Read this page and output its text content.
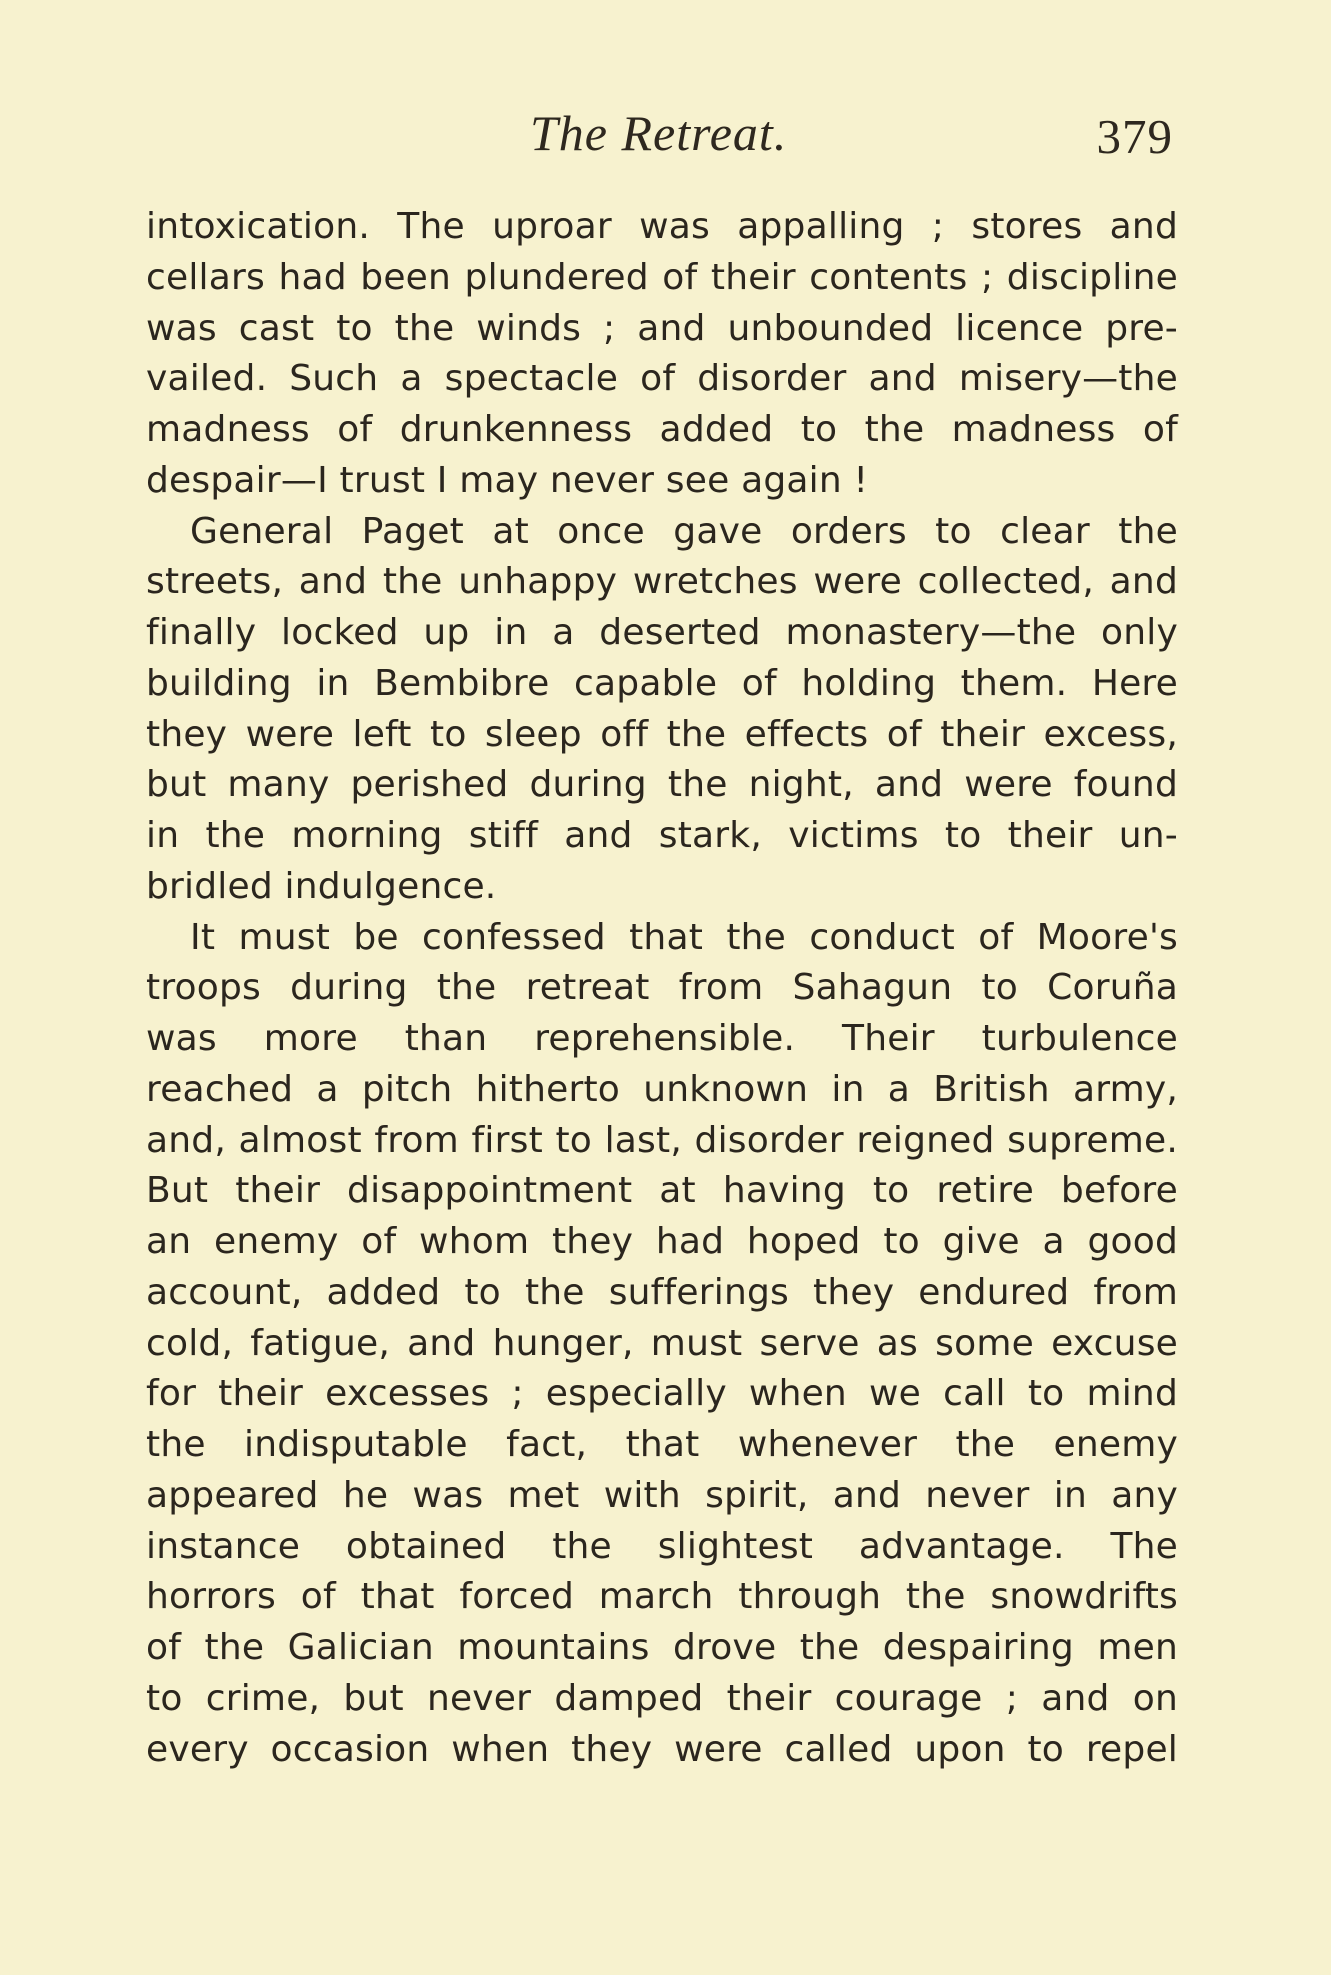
The Retreat.	379
intoxication. The uproar was appalling ; stores and
cellars had been plundered of their contents ; discipline
was cast to the winds ; and unbounded licence pre-
vailed. Such a spectacle of disorder and misery—the
madness of drunkenness added to the madness of
despair—I trust I may never see again !
General Paget at once gave orders to clear the
streets, and the unhappy wretches were collected, and
finally locked up in a deserted monastery—the only
building in Bembibre capable of holding them. Here
they were left to sleep off the effects of their excess,
but many perished during the night, and were found
in the morning stiff and stark, victims to their un-
bridled indulgence.
It must be confessed that the conduct of Moore's
troops during the retreat from Sahagun to Coruña
was more than reprehensible. Their turbulence
reached a pitch hitherto unknown in a British army,
and, almost from first to last, disorder reigned supreme.
But their disappointment at having to retire before
an enemy of whom they had hoped to give a good
account, added to the sufferings they endured from
cold, fatigue, and hunger, must serve as some excuse
for their excesses ; especially when we call to mind
the indisputable fact, that whenever the enemy
appeared he was met with spirit, and never in any
instance obtained the slightest advantage. The
horrors of that forced march through the snowdrifts
of the Galician mountains drove the despairing men
to crime, but never damped their courage ; and on
every occasion when they were called upon to repel
